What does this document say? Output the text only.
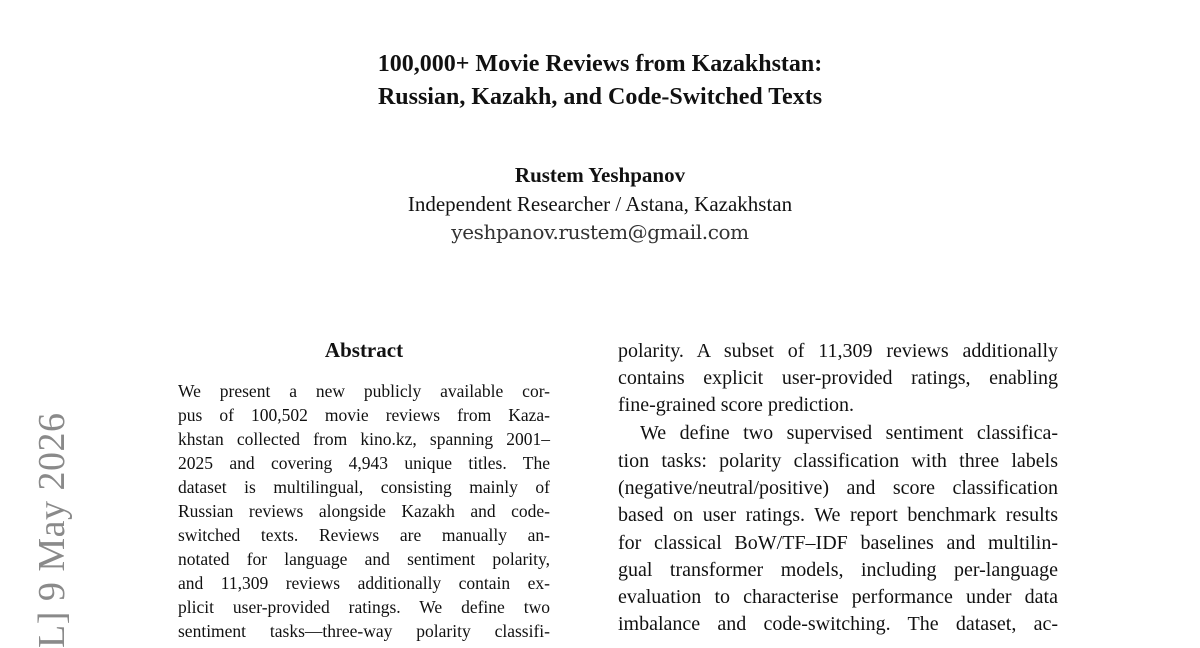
L] 9 May 2026
100,000+ Movie Reviews from Kazakhstan:
Russian, Kazakh, and Code-Switched Texts
Rustem Yeshpanov
Independent Researcher / Astana, Kazakhstan
yeshpanov.rustem@gmail.com
Abstract
We present a new publicly available cor-
pus of 100,502 movie reviews from Kaza-
khstan collected from kino.kz, spanning 2001–
2025 and covering 4,943 unique titles. The
dataset is multilingual, consisting mainly of
Russian reviews alongside Kazakh and code-
switched texts. Reviews are manually an-
notated for language and sentiment polarity,
and 11,309 reviews additionally contain ex-
plicit user-provided ratings. We define two
sentiment tasks—three-way polarity classifi-
polarity. A subset of 11,309 reviews additionally
contains explicit user-provided ratings, enabling
fine-grained score prediction.
We define two supervised sentiment classifica-
tion tasks: polarity classification with three labels
(negative/neutral/positive) and score classification
based on user ratings. We report benchmark results
for classical BoW/TF–IDF baselines and multilin-
gual transformer models, including per-language
evaluation to characterise performance under data
imbalance and code-switching. The dataset, ac-
